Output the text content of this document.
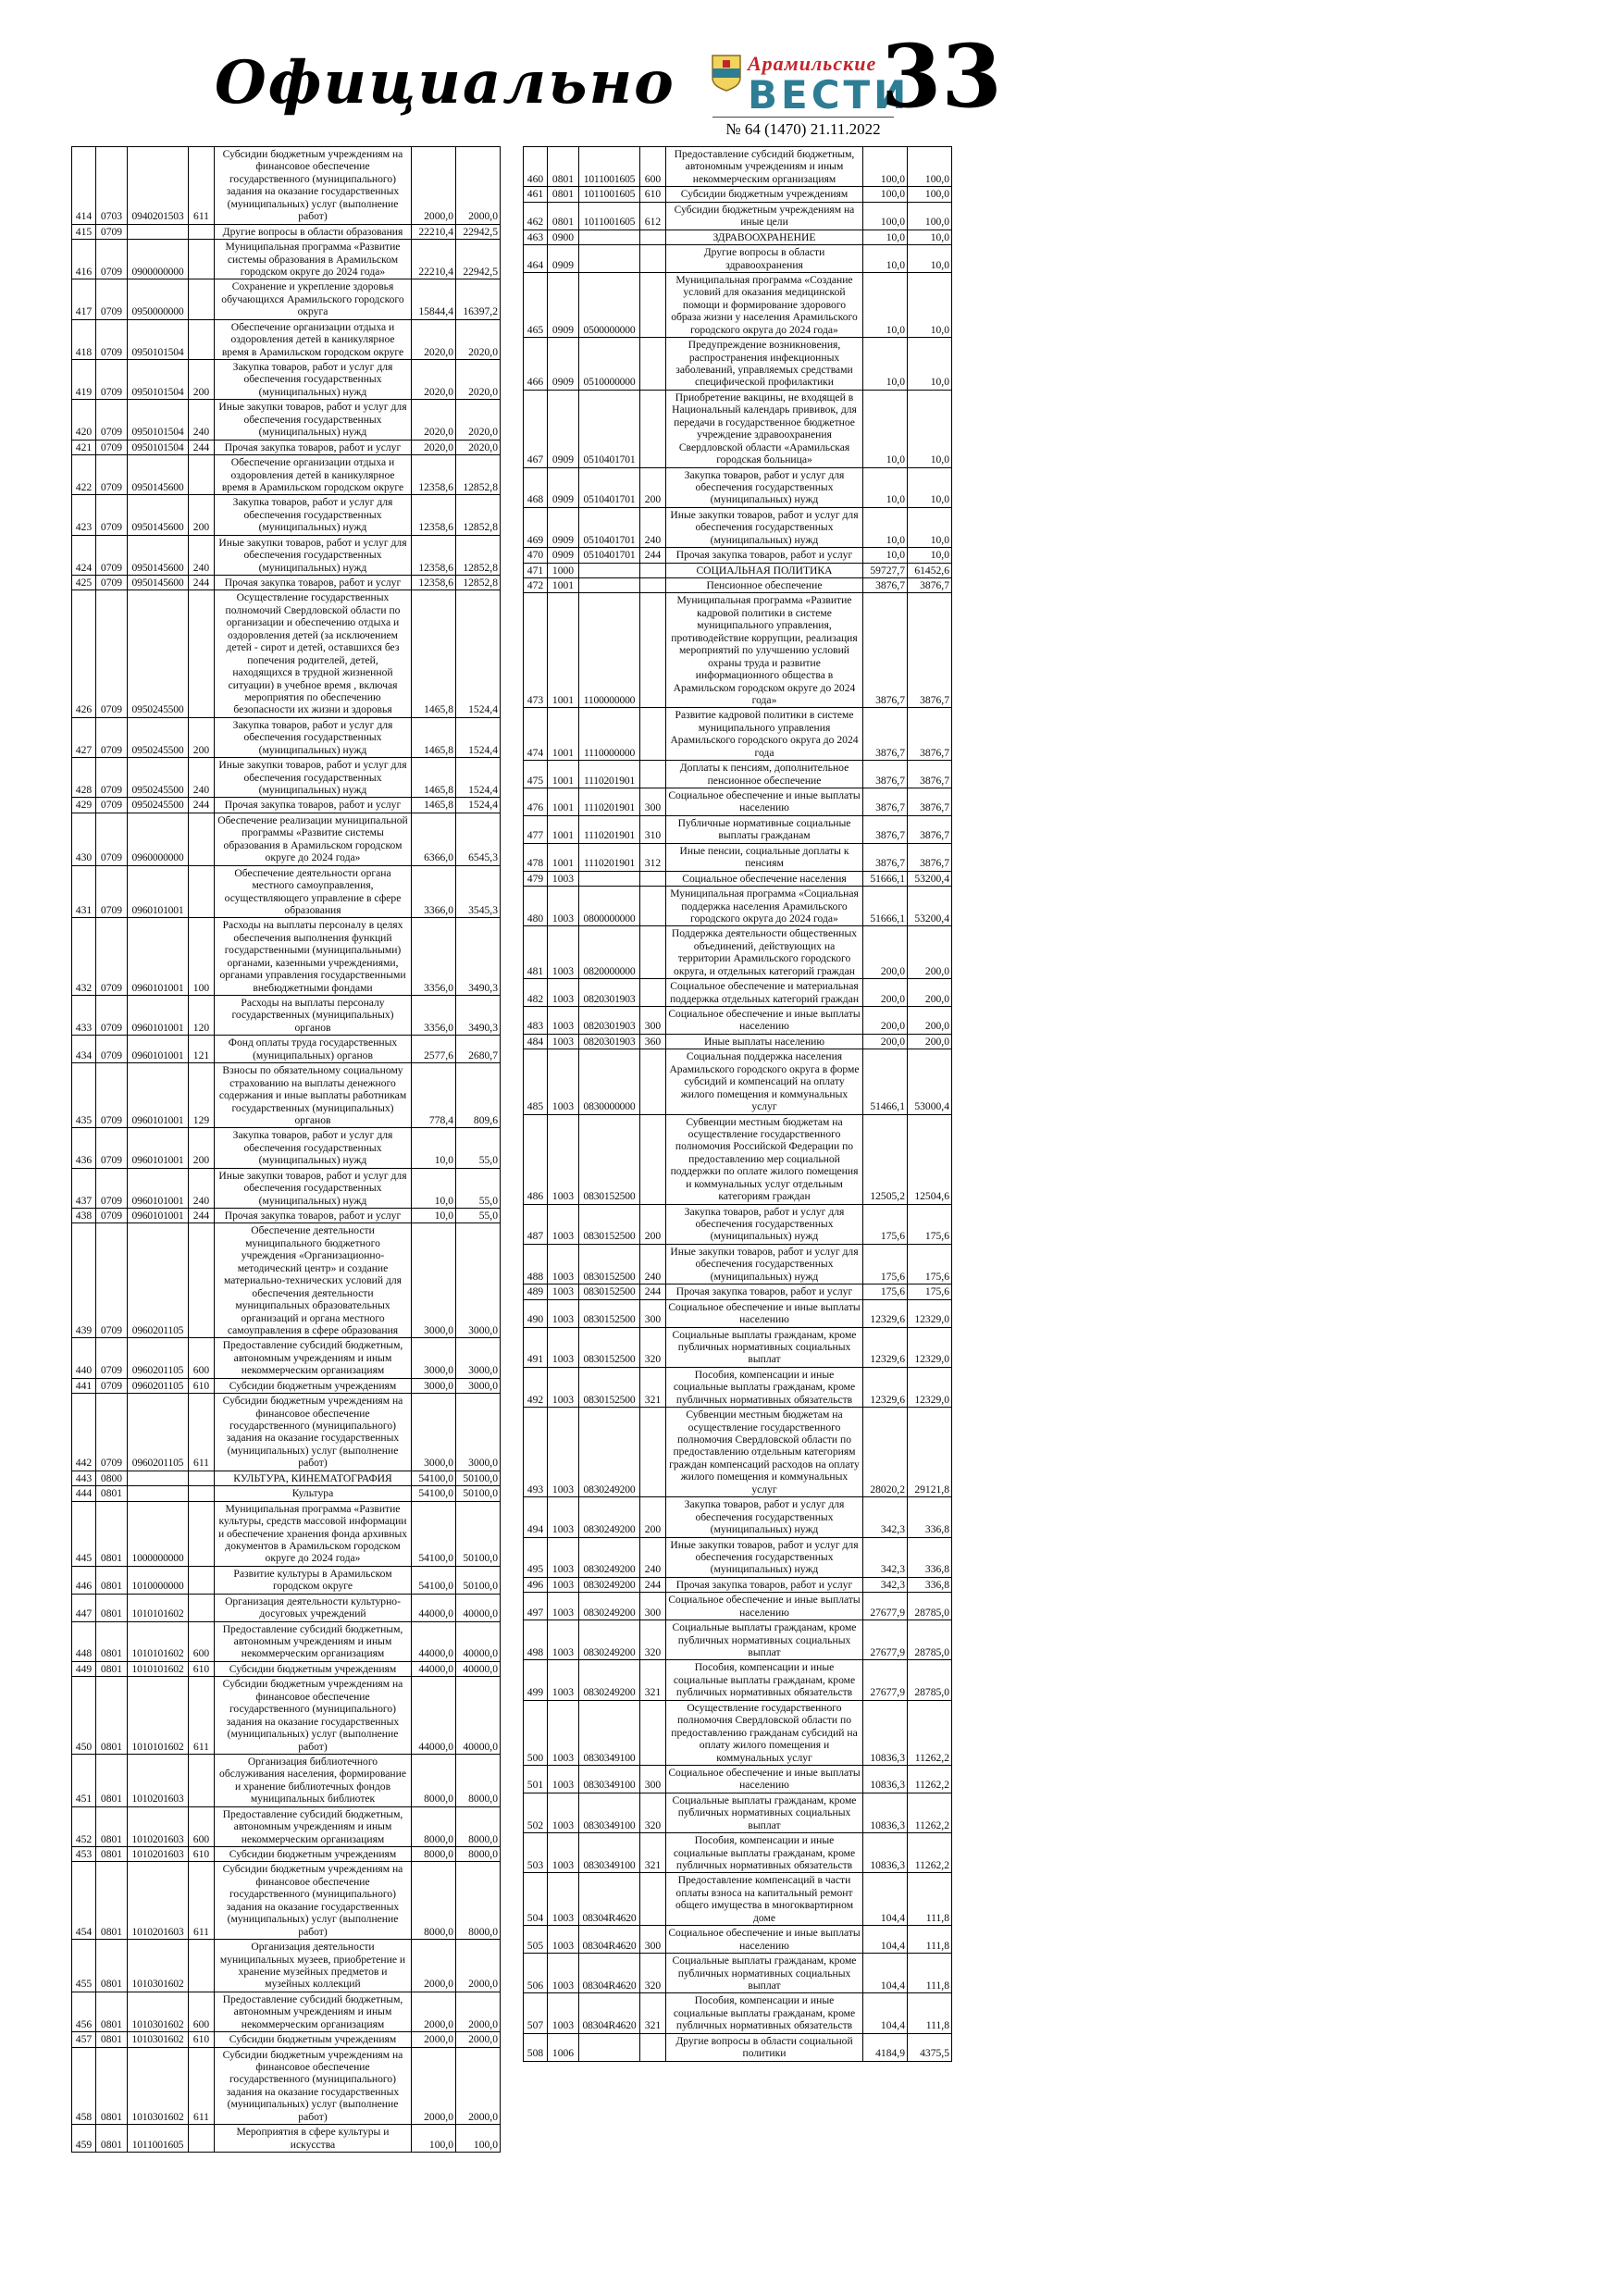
Официально	Арамильские
ВЕСТИ
№ 64 (1470) 21.11.2022
33
414	0703	0940201503	611	Субсидии бюджетным учреждениям на финансовое обеспечение государственного (муниципального) задания на оказание государственных (муниципальных) услуг (выполнение работ)	2000,0	2000,0
415	0709			Другие вопросы в области образования	22210,4	22942,5
416	0709	0900000000		Муниципальная программа «Развитие системы образования в Арамильском городском округе до 2024 года»	22210,4	22942,5
417	0709	0950000000		Сохранение и укрепление здоровья обучающихся Арамильского городского округа	15844,4	16397,2
418	0709	0950101504		Обеспечение организации отдыха и оздоровления детей в каникулярное время в Арамильском городском округе	2020,0	2020,0
419	0709	0950101504	200	Закупка товаров, работ и услуг для обеспечения государственных (муниципальных) нужд	2020,0	2020,0
420	0709	0950101504	240	Иные закупки товаров, работ и услуг для обеспечения государственных (муниципальных) нужд	2020,0	2020,0
421	0709	0950101504	244	Прочая закупка товаров, работ и услуг	2020,0	2020,0
422	0709	0950145600		Обеспечение организации отдыха и оздоровления детей в каникулярное время в Арамильском городском округе	12358,6	12852,8
423	0709	0950145600	200	Закупка товаров, работ и услуг для обеспечения государственных (муниципальных) нужд	12358,6	12852,8
424	0709	0950145600	240	Иные закупки товаров, работ и услуг для обеспечения государственных (муниципальных) нужд	12358,6	12852,8
425	0709	0950145600	244	Прочая закупка товаров, работ и услуг	12358,6	12852,8
426	0709	0950245500		Осуществление государственных полномочий Свердловской области по организации и обеспечению отдыха и оздоровления детей (за исключением детей - сирот и детей, оставшихся без попечения родителей, детей, находящихся в трудной жизненной ситуации) в учебное время , включая мероприятия по обеспечению безопасности их жизни и здоровья	1465,8	1524,4
427	0709	0950245500	200	Закупка товаров, работ и услуг для обеспечения государственных (муниципальных) нужд	1465,8	1524,4
428	0709	0950245500	240	Иные закупки товаров, работ и услуг для обеспечения государственных (муниципальных) нужд	1465,8	1524,4
429	0709	0950245500	244	Прочая закупка товаров, работ и услуг	1465,8	1524,4
430	0709	0960000000		Обеспечение реализации муниципальной программы «Развитие системы образования в Арамильском городском округе до 2024 года»	6366,0	6545,3
431	0709	0960101001		Обеспечение деятельности органа местного самоуправления, осуществляющего управление в сфере образования	3366,0	3545,3
432	0709	0960101001	100	Расходы на выплаты персоналу в целях обеспечения выполнения функций государственными (муниципальными) органами, казенными учреждениями, органами управления государственными внебюджетными фондами	3356,0	3490,3
433	0709	0960101001	120	Расходы на выплаты персоналу государственных (муниципальных) органов	3356,0	3490,3
434	0709	0960101001	121	Фонд оплаты труда государственных (муниципальных) органов	2577,6	2680,7
435	0709	0960101001	129	Взносы по обязательному социальному страхованию на выплаты денежного содержания и иные выплаты работникам государственных (муниципальных) органов	778,4	809,6
436	0709	0960101001	200	Закупка товаров, работ и услуг для обеспечения государственных (муниципальных) нужд	10,0	55,0
437	0709	0960101001	240	Иные закупки товаров, работ и услуг для обеспечения государственных (муниципальных) нужд	10,0	55,0
438	0709	0960101001	244	Прочая закупка товаров, работ и услуг	10,0	55,0
439	0709	0960201105		Обеспечение деятельности муниципального бюджетного учреждения «Организационно-методический центр» и создание материально-технических условий для обеспечения деятельности муниципальных образовательных организаций и органа местного самоуправления в сфере образования	3000,0	3000,0
440	0709	0960201105	600	Предоставление субсидий бюджетным, автономным учреждениям и иным некоммерческим организациям	3000,0	3000,0
441	0709	0960201105	610	Субсидии бюджетным учреждениям	3000,0	3000,0
442	0709	0960201105	611	Субсидии бюджетным учреждениям на финансовое обеспечение государственного (муниципального) задания на оказание государственных (муниципальных) услуг (выполнение работ)	3000,0	3000,0
443	0800			КУЛЬТУРА, КИНЕМАТОГРАФИЯ	54100,0	50100,0
444	0801			Культура	54100,0	50100,0
445	0801	1000000000		Муниципальная программа «Развитие культуры, средств массовой информации и обеспечение хранения фонда архивных документов в Арамильском городском округе до 2024 года»	54100,0	50100,0
446	0801	1010000000		Развитие культуры в Арамильском городском округе	54100,0	50100,0
447	0801	1010101602		Организация деятельности культурно-досуговых учреждений	44000,0	40000,0
448	0801	1010101602	600	Предоставление субсидий бюджетным, автономным учреждениям и иным некоммерческим организациям	44000,0	40000,0
449	0801	1010101602	610	Субсидии бюджетным учреждениям	44000,0	40000,0
450	0801	1010101602	611	Субсидии бюджетным учреждениям на финансовое обеспечение государственного (муниципального) задания на оказание государственных (муниципальных) услуг (выполнение работ)	44000,0	40000,0
451	0801	1010201603		Организация библиотечного обслуживания населения, формирование и хранение библиотечных фондов муниципальных библиотек	8000,0	8000,0
452	0801	1010201603	600	Предоставление субсидий бюджетным, автономным учреждениям и иным некоммерческим организациям	8000,0	8000,0
453	0801	1010201603	610	Субсидии бюджетным учреждениям	8000,0	8000,0
454	0801	1010201603	611	Субсидии бюджетным учреждениям на финансовое обеспечение государственного (муниципального) задания на оказание государственных (муниципальных) услуг (выполнение работ)	8000,0	8000,0
455	0801	1010301602		Организация деятельности муниципальных музеев, приобретение и хранение музейных предметов и музейных коллекций	2000,0	2000,0
456	0801	1010301602	600	Предоставление субсидий бюджетным, автономным учреждениям и иным некоммерческим организациям	2000,0	2000,0
457	0801	1010301602	610	Субсидии бюджетным учреждениям	2000,0	2000,0
458	0801	1010301602	611	Субсидии бюджетным учреждениям на финансовое обеспечение государственного (муниципального) задания на оказание государственных (муниципальных) услуг (выполнение работ)	2000,0	2000,0
459	0801	1011001605		Мероприятия в сфере культуры и искусства	100,0	100,0
460	0801	1011001605	600	Предоставление субсидий бюджетным, автономным учреждениям и иным некоммерческим организациям	100,0	100,0
461	0801	1011001605	610	Субсидии бюджетным учреждениям	100,0	100,0
462	0801	1011001605	612	Субсидии бюджетным учреждениям на иные цели	100,0	100,0
463	0900			ЗДРАВООХРАНЕНИЕ	10,0	10,0
464	0909			Другие вопросы в области здравоохранения	10,0	10,0
465	0909	0500000000		Муниципальная программа «Создание условий для оказания медицинской помощи и формирование здорового образа жизни у населения Арамильского городского округа до 2024 года»	10,0	10,0
466	0909	0510000000		Предупреждение возникновения, распространения инфекционных заболеваний, управляемых средствами специфической профилактики	10,0	10,0
467	0909	0510401701		Приобретение вакцины, не входящей в Национальный календарь прививок, для передачи в государственное бюджетное учреждение здравоохранения Свердловской области «Арамильская городская больница»	10,0	10,0
468	0909	0510401701	200	Закупка товаров, работ и услуг для обеспечения государственных (муниципальных) нужд	10,0	10,0
469	0909	0510401701	240	Иные закупки товаров, работ и услуг для обеспечения государственных (муниципальных) нужд	10,0	10,0
470	0909	0510401701	244	Прочая закупка товаров, работ и услуг	10,0	10,0
471	1000			СОЦИАЛЬНАЯ ПОЛИТИКА	59727,7	61452,6
472	1001			Пенсионное обеспечение	3876,7	3876,7
473	1001	1100000000		Муниципальная программа «Развитие кадровой политики в системе муниципального управления, противодействие коррупции, реализация мероприятий по улучшению условий охраны труда и развитие информационного общества в Арамильском городском округе до 2024 года»	3876,7	3876,7
474	1001	1110000000		Развитие кадровой политики в системе муниципального управления Арамильского городского округа до 2024 года	3876,7	3876,7
475	1001	1110201901		Доплаты к пенсиям, дополнительное пенсионное обеспечение	3876,7	3876,7
476	1001	1110201901	300	Социальное обеспечение и иные выплаты населению	3876,7	3876,7
477	1001	1110201901	310	Публичные нормативные социальные выплаты гражданам	3876,7	3876,7
478	1001	1110201901	312	Иные пенсии, социальные доплаты к пенсиям	3876,7	3876,7
479	1003			Социальное обеспечение населения	51666,1	53200,4
480	1003	0800000000		Муниципальная программа «Социальная поддержка населения Арамильского городского округа до 2024 года»	51666,1	53200,4
481	1003	0820000000		Поддержка деятельности общественных объединений, действующих на территории Арамильского городского округа, и отдельных категорий граждан	200,0	200,0
482	1003	0820301903		Социальное обеспечение и материальная поддержка отдельных категорий граждан	200,0	200,0
483	1003	0820301903	300	Социальное обеспечение и иные выплаты населению	200,0	200,0
484	1003	0820301903	360	Иные выплаты населению	200,0	200,0
485	1003	0830000000		Социальная поддержка населения Арамильского городского округа в форме субсидий и компенсаций на оплату жилого помещения и коммунальных услуг	51466,1	53000,4
486	1003	0830152500		Субвенции местным бюджетам на осуществление государственного полномочия Российской Федерации по предоставлению мер социальной поддержки по оплате жилого помещения и коммунальных услуг отдельным категориям граждан	12505,2	12504,6
487	1003	0830152500	200	Закупка товаров, работ и услуг для обеспечения государственных (муниципальных) нужд	175,6	175,6
488	1003	0830152500	240	Иные закупки товаров, работ и услуг для обеспечения государственных (муниципальных) нужд	175,6	175,6
489	1003	0830152500	244	Прочая закупка товаров, работ и услуг	175,6	175,6
490	1003	0830152500	300	Социальное обеспечение и иные выплаты населению	12329,6	12329,0
491	1003	0830152500	320	Социальные выплаты гражданам, кроме публичных нормативных социальных выплат	12329,6	12329,0
492	1003	0830152500	321	Пособия, компенсации и иные социальные выплаты гражданам, кроме публичных нормативных обязательств	12329,6	12329,0
493	1003	0830249200		Субвенции местным бюджетам на осуществление государственного полномочия Свердловской области по предоставлению отдельным категориям граждан компенсаций расходов на оплату жилого помещения и коммунальных услуг	28020,2	29121,8
494	1003	0830249200	200	Закупка товаров, работ и услуг для обеспечения государственных (муниципальных) нужд	342,3	336,8
495	1003	0830249200	240	Иные закупки товаров, работ и услуг для обеспечения государственных (муниципальных) нужд	342,3	336,8
496	1003	0830249200	244	Прочая закупка товаров, работ и услуг	342,3	336,8
497	1003	0830249200	300	Социальное обеспечение и иные выплаты населению	27677,9	28785,0
498	1003	0830249200	320	Социальные выплаты гражданам, кроме публичных нормативных социальных выплат	27677,9	28785,0
499	1003	0830249200	321	Пособия, компенсации и иные социальные выплаты гражданам, кроме публичных нормативных обязательств	27677,9	28785,0
500	1003	0830349100		Осуществление государственного полномочия Свердловской области по предоставлению гражданам субсидий на оплату жилого помещения и коммунальных услуг	10836,3	11262,2
501	1003	0830349100	300	Социальное обеспечение и иные выплаты населению	10836,3	11262,2
502	1003	0830349100	320	Социальные выплаты гражданам, кроме публичных нормативных социальных выплат	10836,3	11262,2
503	1003	0830349100	321	Пособия, компенсации и иные социальные выплаты гражданам, кроме публичных нормативных обязательств	10836,3	11262,2
504	1003	08304R4620		Предоставление компенсаций в части оплаты взноса на капитальный ремонт общего имущества в многоквартирном доме	104,4	111,8
505	1003	08304R4620	300	Социальное обеспечение и иные выплаты населению	104,4	111,8
506	1003	08304R4620	320	Социальные выплаты гражданам, кроме публичных нормативных социальных выплат	104,4	111,8
507	1003	08304R4620	321	Пособия, компенсации и иные социальные выплаты гражданам, кроме публичных нормативных обязательств	104,4	111,8
508	1006			Другие вопросы в области социальной политики	4184,9	4375,5
